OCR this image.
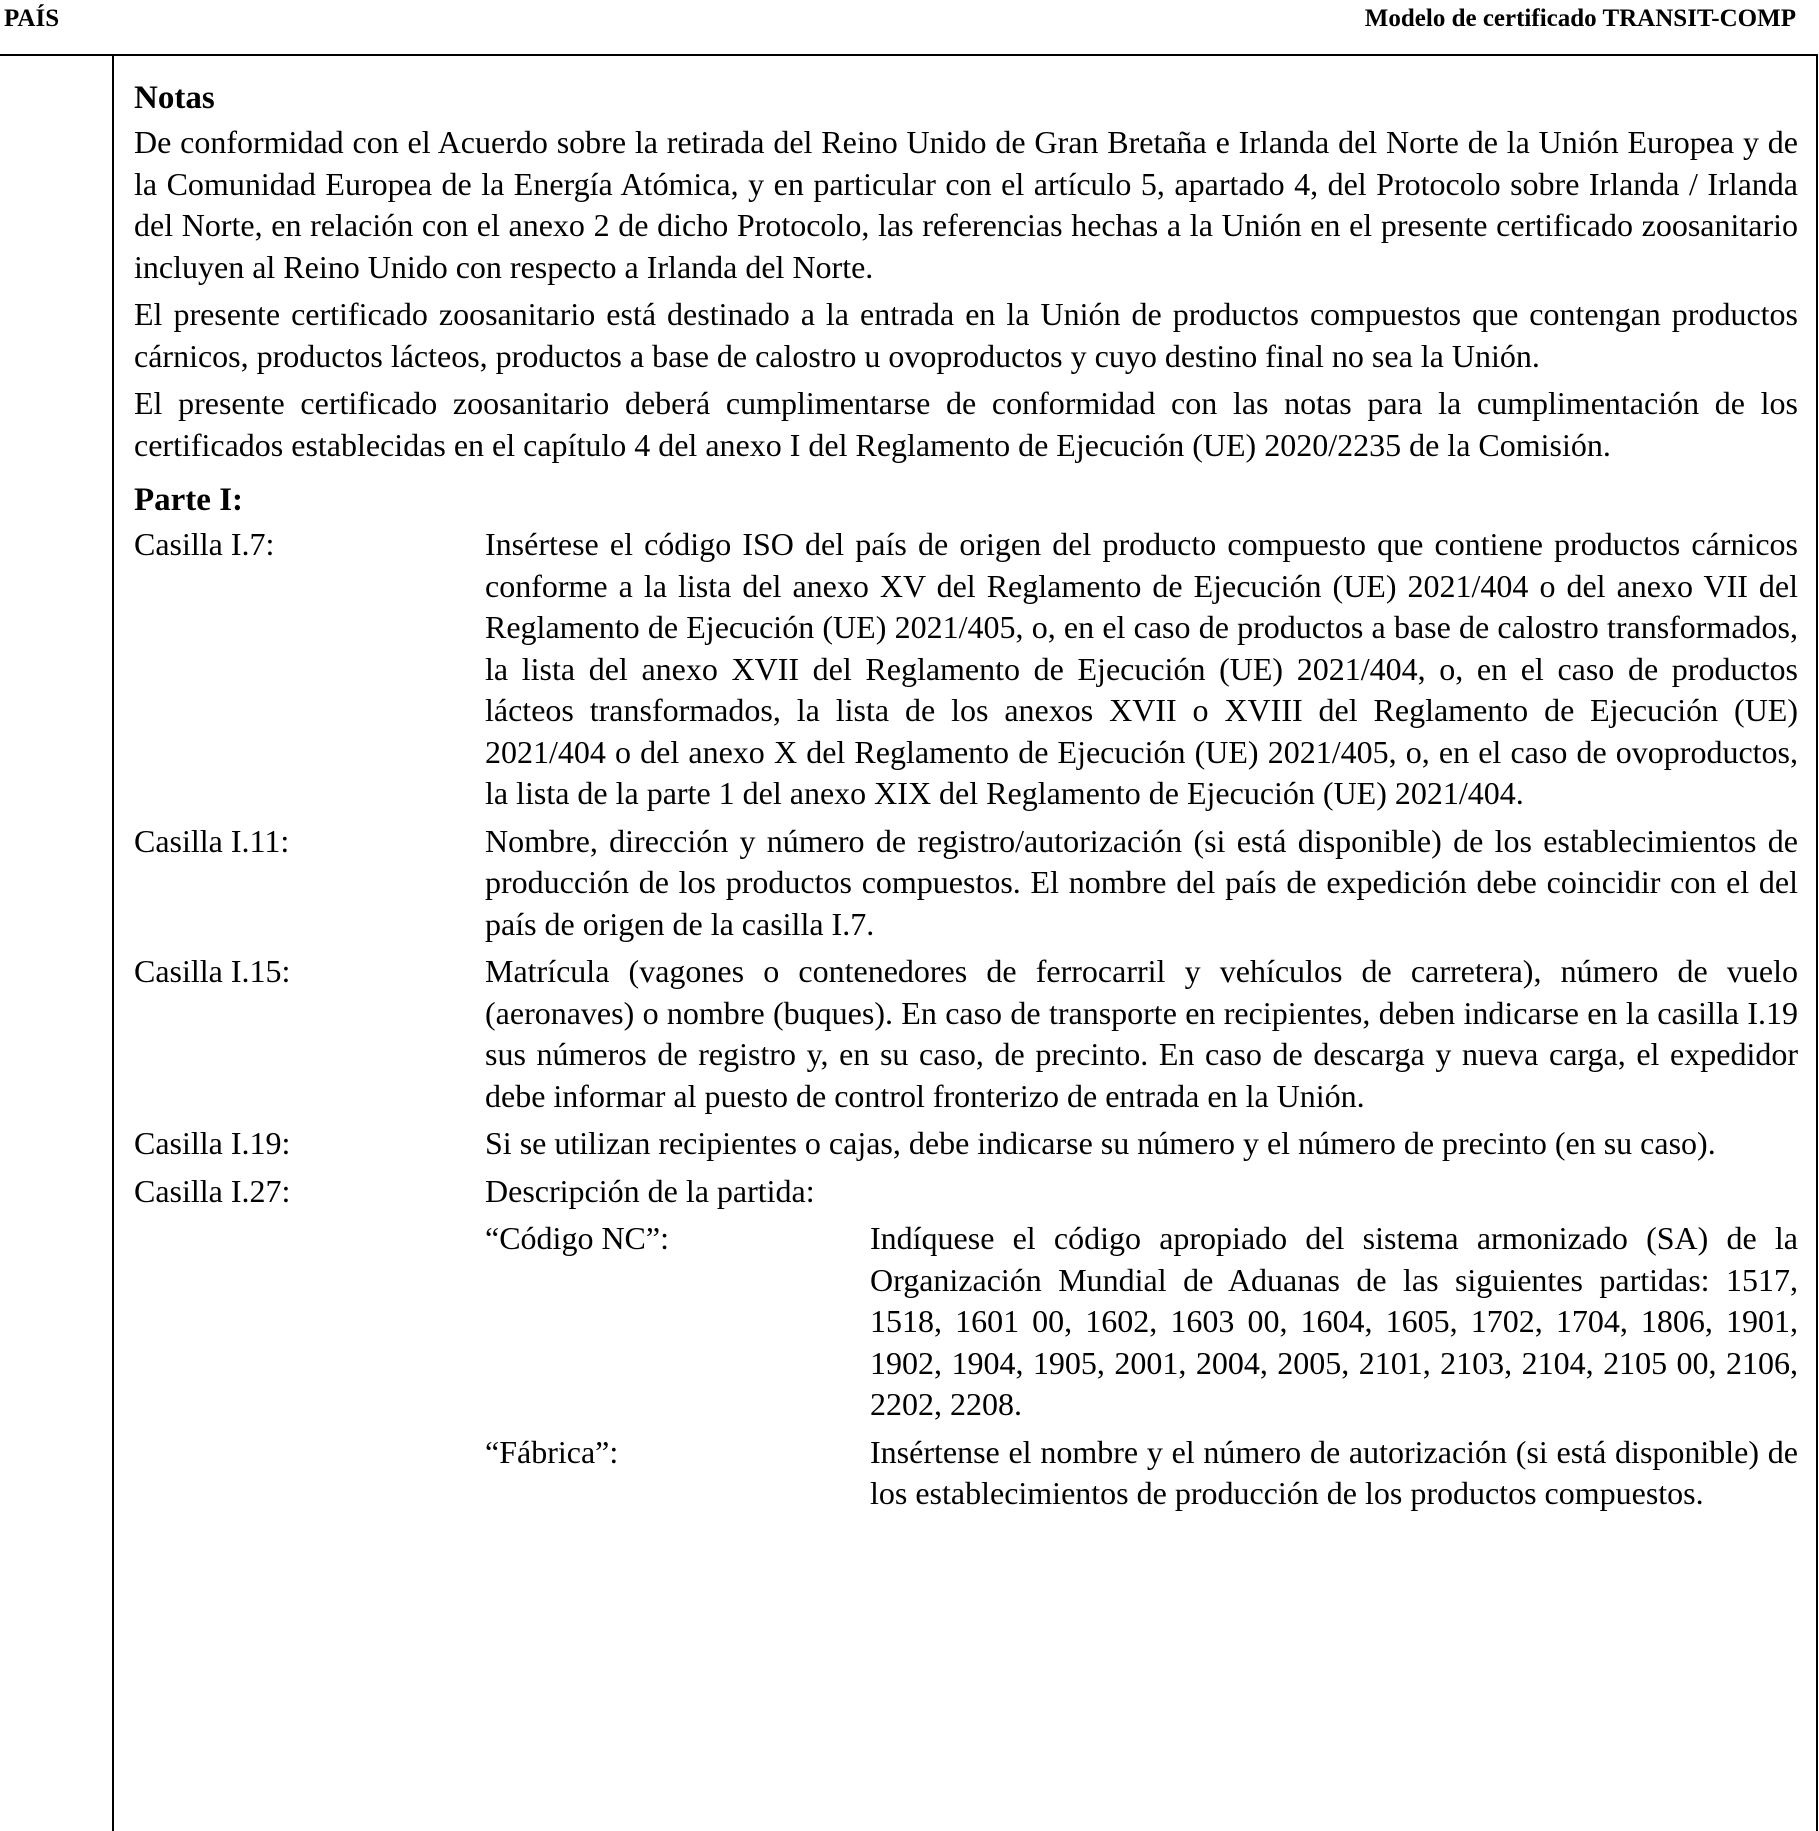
PAÍS	Modelo de certificado TRANSIT-COMP

Notas

De conformidad con el Acuerdo sobre la retirada del Reino Unido de Gran Bretaña e Irlanda del Norte de la Unión Europea y de la Comunidad Europea de la Energía Atómica, y en particular con el artículo 5, apartado 4, del Protocolo sobre Irlanda / Irlanda del Norte, en relación con el anexo 2 de dicho Protocolo, las referencias hechas a la Unión en el presente certificado zoosanitario incluyen al Reino Unido con respecto a Irlanda del Norte.

El presente certificado zoosanitario está destinado a la entrada en la Unión de productos compuestos que contengan productos cárnicos, productos lácteos, productos a base de calostro u ovoproductos y cuyo destino final no sea la Unión.

El presente certificado zoosanitario deberá cumplimentarse de conformidad con las notas para la cumplimentación de los certificados establecidas en el capítulo 4 del anexo I del Reglamento de Ejecución (UE) 2020/2235 de la Comisión.

Parte I:

Casilla I.7:	Insértese el código ISO del país de origen del producto compuesto que contiene productos cárnicos conforme a la lista del anexo XV del Reglamento de Ejecución (UE) 2021/404 o del anexo VII del Reglamento de Ejecución (UE) 2021/405, o, en el caso de productos a base de calostro transformados, la lista del anexo XVII del Reglamento de Ejecución (UE) 2021/404, o, en el caso de productos lácteos transformados, la lista de los anexos XVII o XVIII del Reglamento de Ejecución (UE) 2021/404 o del anexo X del Reglamento de Ejecución (UE) 2021/405, o, en el caso de ovoproductos, la lista de la parte 1 del anexo XIX del Reglamento de Ejecución (UE) 2021/404.
Casilla I.11:	Nombre, dirección y número de registro/autorización (si está disponible) de los establecimientos de producción de los productos compuestos. El nombre del país de expedición debe coincidir con el del país de origen de la casilla I.7.
Casilla I.15:	Matrícula (vagones o contenedores de ferrocarril y vehículos de carretera), número de vuelo (aeronaves) o nombre (buques). En caso de transporte en recipientes, deben indicarse en la casilla I.19 sus números de registro y, en su caso, de precinto. En caso de descarga y nueva carga, el expedidor debe informar al puesto de control fronterizo de entrada en la Unión.
Casilla I.19:	Si se utilizan recipientes o cajas, debe indicarse su número y el número de precinto (en su caso).
Casilla I.27:	Descripción de la partida:
“Código NC”:	Indíquese el código apropiado del sistema armonizado (SA) de la Organización Mundial de Aduanas de las siguientes partidas: 1517, 1518, 1601 00, 1602, 1603 00, 1604, 1605, 1702, 1704, 1806, 1901, 1902, 1904, 1905, 2001, 2004, 2005, 2101, 2103, 2104, 2105 00, 2106, 2202, 2208.
“Fábrica”:	Insértense el nombre y el número de autorización (si está disponible) de los establecimientos de producción de los productos compuestos.
